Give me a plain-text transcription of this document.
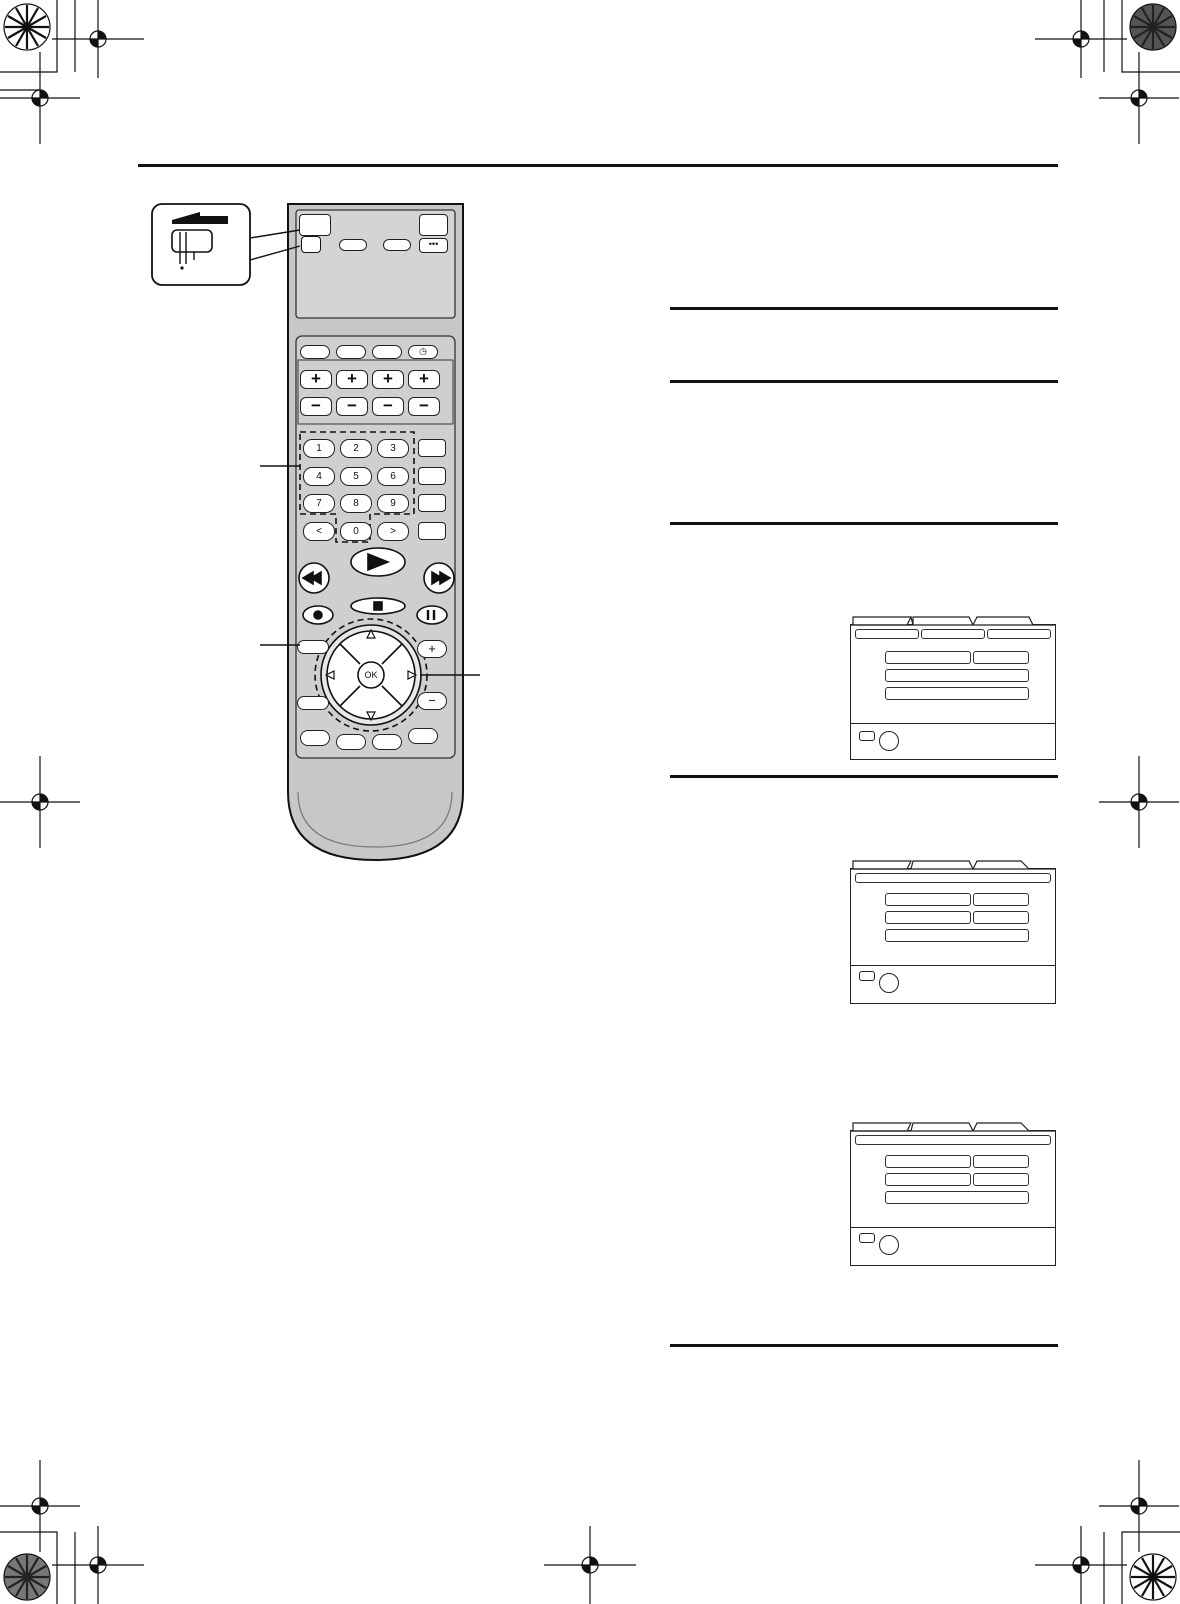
•••
◷
+	+	+	+
−	−	−	−
1	2	3
4	5	6
7	8	9
<	0	>
OK
+
−
